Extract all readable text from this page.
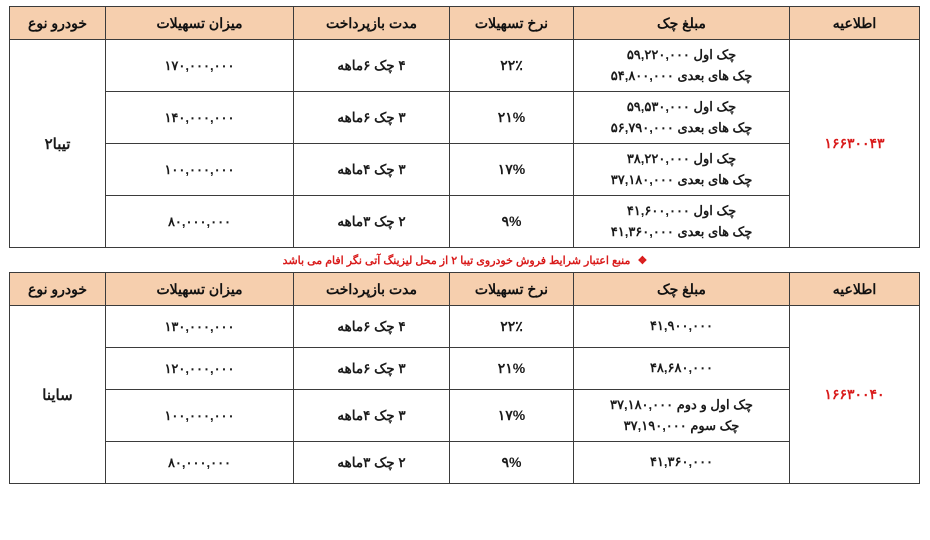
اطلاعیه	مبلغ چک	نرخ تسهیلات	مدت بازپرداخت	میزان تسهیلات	خودرو نوع
۱۶۶۳۰۰۴۳	چک اول ۵۹,۲۲۰,۰۰۰
چک های بعدی ۵۴,۸۰۰,۰۰۰	۲۲٪	۴ چک ۶ماهه	۱۷۰,۰۰۰,۰۰۰	تیبا۲

	چک اول ۵۹,۵۳۰,۰۰۰
چک های بعدی ۵۶,۷۹۰,۰۰۰	۲۱%	۳ چک ۶ماهه	۱۴۰,۰۰۰,۰۰۰	

	چک اول ۳۸,۲۲۰,۰۰۰
چک های بعدی ۳۷,۱۸۰,۰۰۰	۱۷%	۳ چک ۴ماهه	۱۰۰,۰۰۰,۰۰۰	

	چک اول ۴۱,۶۰۰,۰۰۰
چک های بعدی ۴۱,۳۶۰,۰۰۰	۹%	۲ چک ۳ماهه	۸۰,۰۰۰,۰۰۰	
❖ منبع اعتبار شرایط فروش خودروی تیبا ۲ از محل لیزینگ آتی نگر افام می باشد
اطلاعیه	مبلغ چک	نرخ تسهیلات	مدت بازپرداخت	میزان تسهیلات	خودرو نوع
۱۶۶۳۰۰۴۰	۴۱,۹۰۰,۰۰۰	۲۲٪	۴ چک ۶ماهه	۱۳۰,۰۰۰,۰۰۰	ساینا

	۴۸,۶۸۰,۰۰۰	۲۱%	۳ چک ۶ماهه	۱۲۰,۰۰۰,۰۰۰	

	چک اول و دوم ۳۷,۱۸۰,۰۰۰
چک سوم ۳۷,۱۹۰,۰۰۰	۱۷%	۳ چک ۴ماهه	۱۰۰,۰۰۰,۰۰۰	

	۴۱,۳۶۰,۰۰۰	۹%	۲ چک ۳ماهه	۸۰,۰۰۰,۰۰۰	
